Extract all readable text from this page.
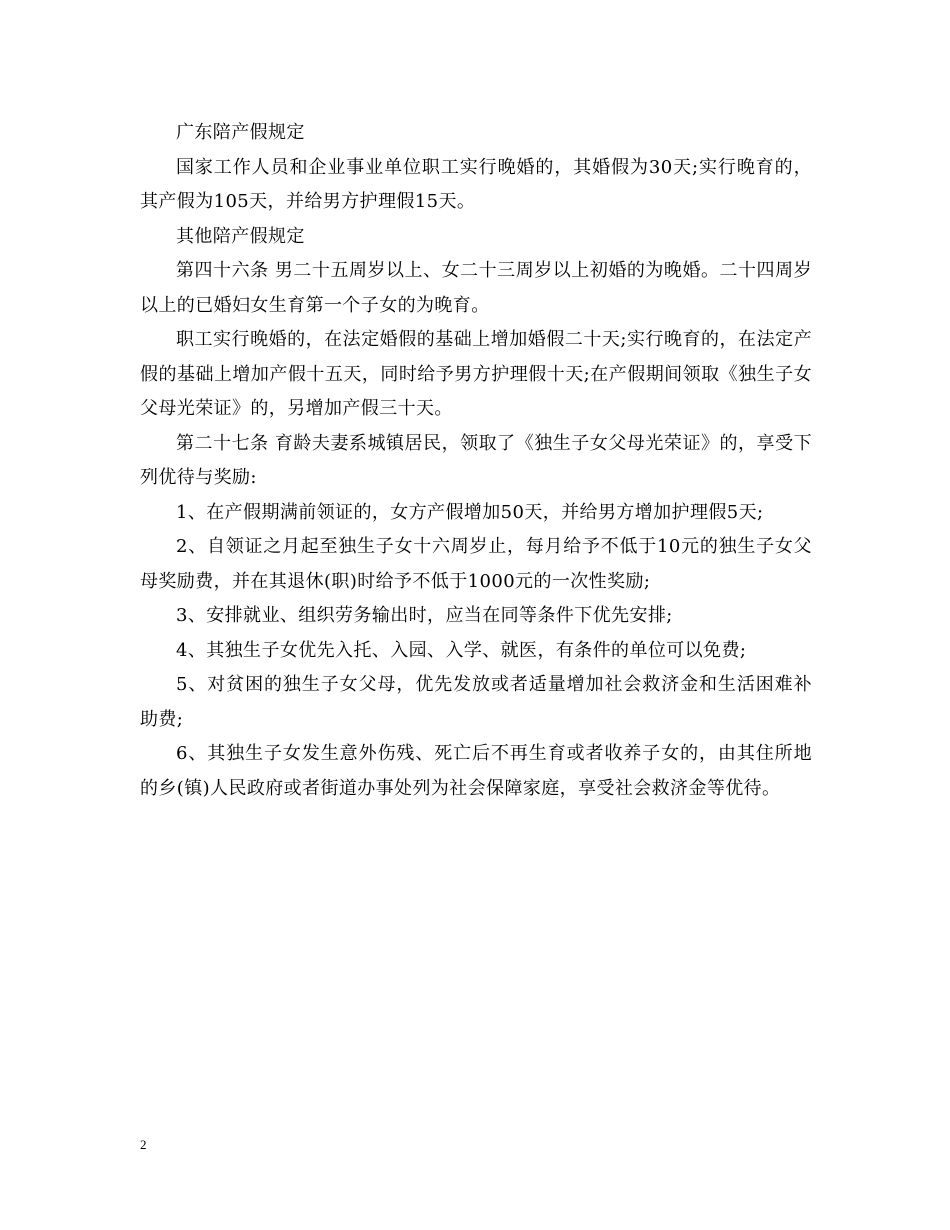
广东陪产假规定

国家工作人员和企业事业单位职工实行晚婚的，其婚假为30天;实行晚育的，其产假为105天，并给男方护理假15天。

其他陪产假规定

第四十六条 男二十五周岁以上、女二十三周岁以上初婚的为晚婚。二十四周岁以上的已婚妇女生育第一个子女的为晚育。

职工实行晚婚的，在法定婚假的基础上增加婚假二十天;实行晚育的，在法定产假的基础上增加产假十五天，同时给予男方护理假十天;在产假期间领取《独生子女父母光荣证》的，另增加产假三十天。

第二十七条 育龄夫妻系城镇居民，领取了《独生子女父母光荣证》的，享受下列优待与奖励:

1、在产假期满前领证的，女方产假增加50天，并给男方增加护理假5天;

2、自领证之月起至独生子女十六周岁止，每月给予不低于10元的独生子女父母奖励费，并在其退休(职)时给予不低于1000元的一次性奖励;

3、安排就业、组织劳务输出时，应当在同等条件下优先安排;

4、其独生子女优先入托、入园、入学、就医，有条件的单位可以免费;

5、对贫困的独生子女父母，优先发放或者适量增加社会救济金和生活困难补助费;

6、其独生子女发生意外伤残、死亡后不再生育或者收养子女的，由其住所地的乡(镇)人民政府或者街道办事处列为社会保障家庭，享受社会救济金等优待。

2
